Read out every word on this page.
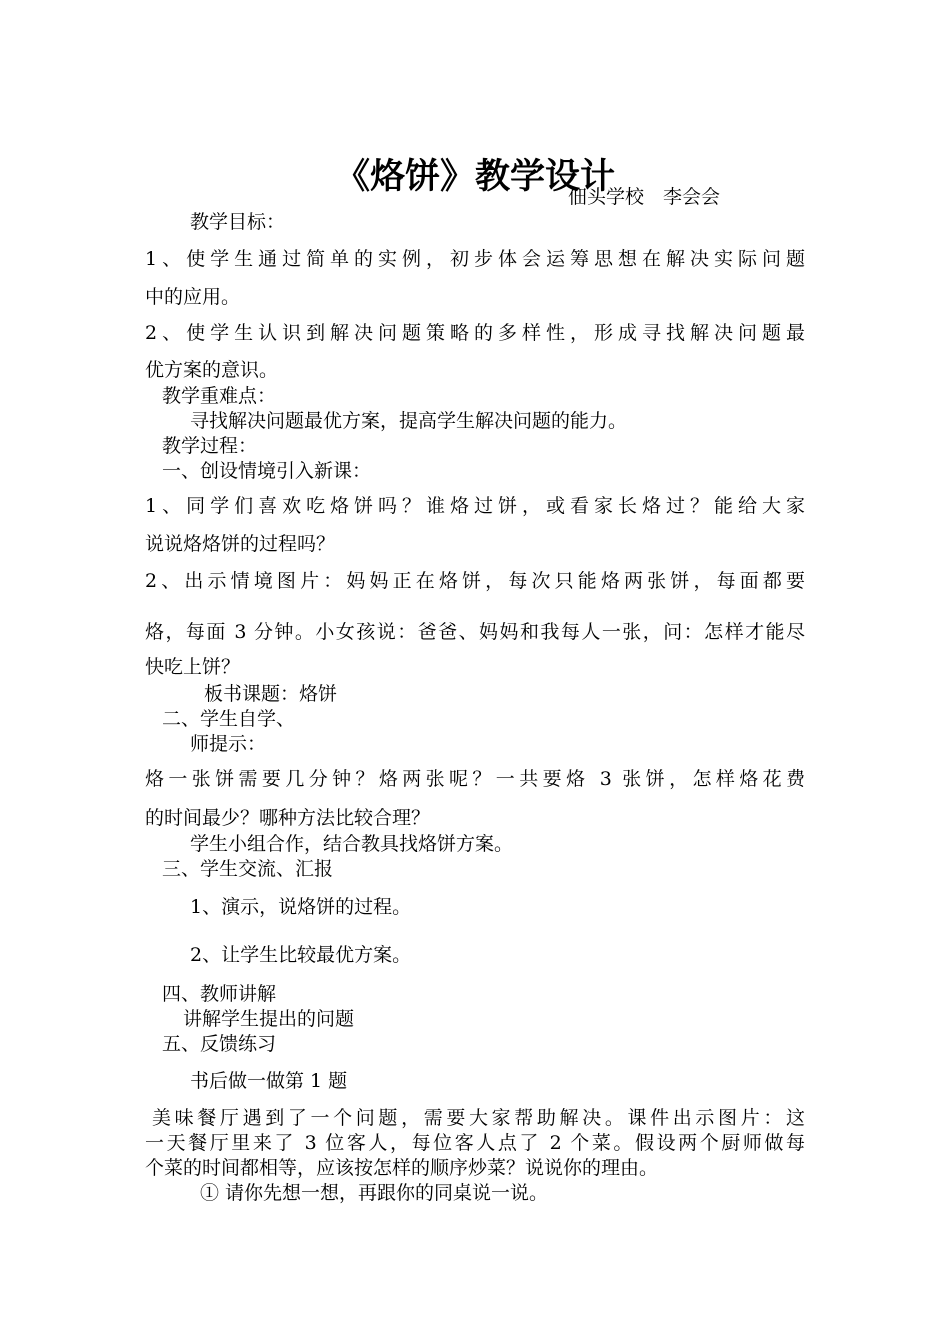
《烙饼》教学设计

佃头学校　李会会

教学目标：

1、使学生通过简单的实例，初步体会运筹思想在解决实际问题

中的应用。

2、使学生认识到解决问题策略的多样性，形成寻找解决问题最

优方案的意识。

教学重难点：

寻找解决问题最优方案，提高学生解决问题的能力。

教学过程：

一、创设情境引入新课：

1、同学们喜欢吃烙饼吗？谁烙过饼，或看家长烙过？能给大家

说说烙烙饼的过程吗？

2、出示情境图片：妈妈正在烙饼，每次只能烙两张饼，每面都要

烙，每面 3 分钟。小女孩说：爸爸、妈妈和我每人一张，问：怎样才能尽

快吃上饼？

板书课题：烙饼

二、学生自学、

师提示：

烙一张饼需要几分钟？烙两张呢？一共要烙 3 张饼，怎样烙花费

的时间最少？哪种方法比较合理？

学生小组合作，结合教具找烙饼方案。

三、学生交流、汇报

1、演示，说烙饼的过程。

2、让学生比较最优方案。

四、教师讲解

讲解学生提出的问题

五、反馈练习

书后做一做第 1 题

美味餐厅遇到了一个问题，需要大家帮助解决。课件出示图片：这

一天餐厅里来了 3 位客人，每位客人点了 2 个菜。假设两个厨师做每

个菜的时间都相等，应该按怎样的顺序炒菜？说说你的理由。

① 请你先想一想，再跟你的同桌说一说。
